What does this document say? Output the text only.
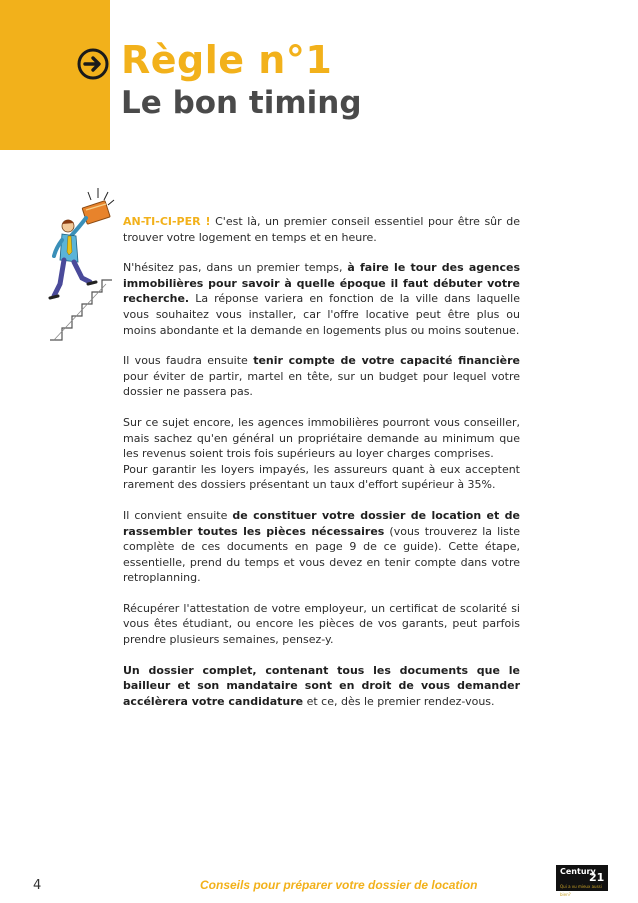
Règle n°1
Le bon timing

AN-TI-CI-PER ! C'est là, un premier conseil essentiel pour être sûr de trouver votre logement en temps et en heure.

N'hésitez pas, dans un premier temps, à faire le tour des agences immobilières pour savoir à quelle époque il faut débuter votre recherche. La réponse variera en fonction de la ville dans laquelle vous souhaitez vous installer, car l'offre locative peut être plus ou moins abondante et la demande en logements plus ou moins soutenue.

Il vous faudra ensuite tenir compte de votre capacité financière pour éviter de partir, martel en tête, sur un budget pour lequel votre dossier ne passera pas.

Sur ce sujet encore, les agences immobilières pourront vous conseiller, mais sachez qu'en général un propriétaire demande au minimum que les revenus soient trois fois supérieurs au loyer charges comprises.
Pour garantir les loyers impayés, les assureurs quant à eux acceptent rarement des dossiers présentant un taux d'effort supérieur à 35%.

Il convient ensuite de constituer votre dossier de location et de rassembler toutes les pièces nécessaires (vous trouverez la liste complète de ces documents en page 9 de ce guide). Cette étape, essentielle, prend du temps et vous devez en tenir compte dans votre retroplanning.

Récupérer l'attestation de votre employeur, un certificat de scolarité si vous êtes étudiant, ou encore les pièces de vos garants, peut parfois prendre plusieurs semaines, pensez-y.

Un dossier complet, contenant tous les documents que le bailleur et son mandataire sont en droit de vous demander accélèrera votre candidature et ce, dès le premier rendez-vous.

4	Conseils pour préparer votre dossier de location
Century
21
Qui a vu mieux aussi bien?
